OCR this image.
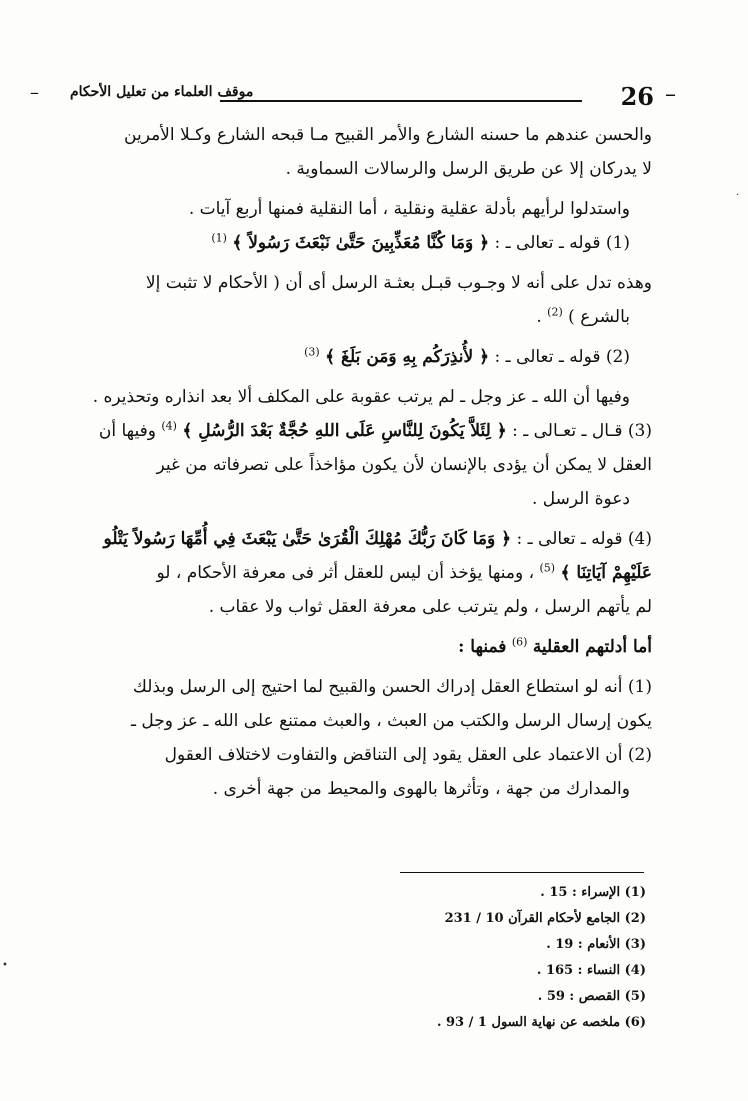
–
26
موقف العلماء من تعليل الأحكام
–

والحسن عندهم ما حسنه الشارع والأمر القبيح مـا قبحه الشارع وكـلا الأمرين

لا يدركان إلا عن طريق الرسل والرسالات السماوية .

واستدلوا لرأيهم بأدلة عقلية ونقلية ، أما النقلية فمنها أربع آيات .

(1) قوله ـ تعالى ـ : ﴿ وَمَا كُنَّا مُعَذِّبِينَ حَتَّىٰ نَبْعَثَ رَسُولاً ﴾ $^{(1)}$

وهذه تدل على أنه لا وجـوب قبـل بعثـة الرسل أى أن ( الأحكام لا تثبت إلا

بالشرع ) $^{(2)}$ .

(2) قوله ـ تعالى ـ : ﴿ لأُنذِرَكُم بِهِ وَمَن بَلَغَ ﴾ $^{(3)}$

وفيها أن الله ـ عز وجل ـ لم يرتب عقوبة على المكلف ألا بعد انذاره وتحذيره .

(3) قـال ـ تعـالى ـ : ﴿ لِئَلاَّ يَكُونَ لِلنَّاسِ عَلَى اللهِ حُجَّةٌ بَعْدَ الرُّسُلِ ﴾ $^{(4)}$ وفيها أن

العقل لا يمكن أن يؤدى بالإنسان لأن يكون مؤاخذاً على تصرفاته من غير

دعوة الرسل .

(4) قوله ـ تعالى ـ : ﴿ وَمَا كَانَ رَبُّكَ مُهْلِكَ الْقُرَىٰ حَتَّىٰ يَبْعَثَ فِي أُمِّهَا رَسُولاً يَتْلُو

عَلَيْهِمْ آيَاتِنَا ﴾ $^{(5)}$ ، ومنها يؤخذ أن ليس للعقل أثر فى معرفة الأحكام ، لو

لم يأتهم الرسل ، ولم يترتب على معرفة العقل ثواب ولا عقاب .

أما أدلتهم العقلية $^{(6)}$ فمنها :

(1) أنه لو استطاع العقل إدراك الحسن والقبيح لما احتيج إلى الرسل وبذلك

يكون إرسال الرسل والكتب من العبث ، والعبث ممتنع على الله ـ عز وجل ـ

(2) أن الاعتماد على العقل يقود إلى التناقض والتفاوت لاختلاف العقول

والمدارك من جهة ، وتأثرها بالهوى والمحيط من جهة أخرى .

(1) الإسراء : 15 .
(2) الجامع لأحكام القرآن 10 / 231
(3) الأنعام : 19 .
(4) النساء : 165 .
(5) القصص : 59 .
(6) ملخصه عن نهاية السول 1 / 93 .
•
·
